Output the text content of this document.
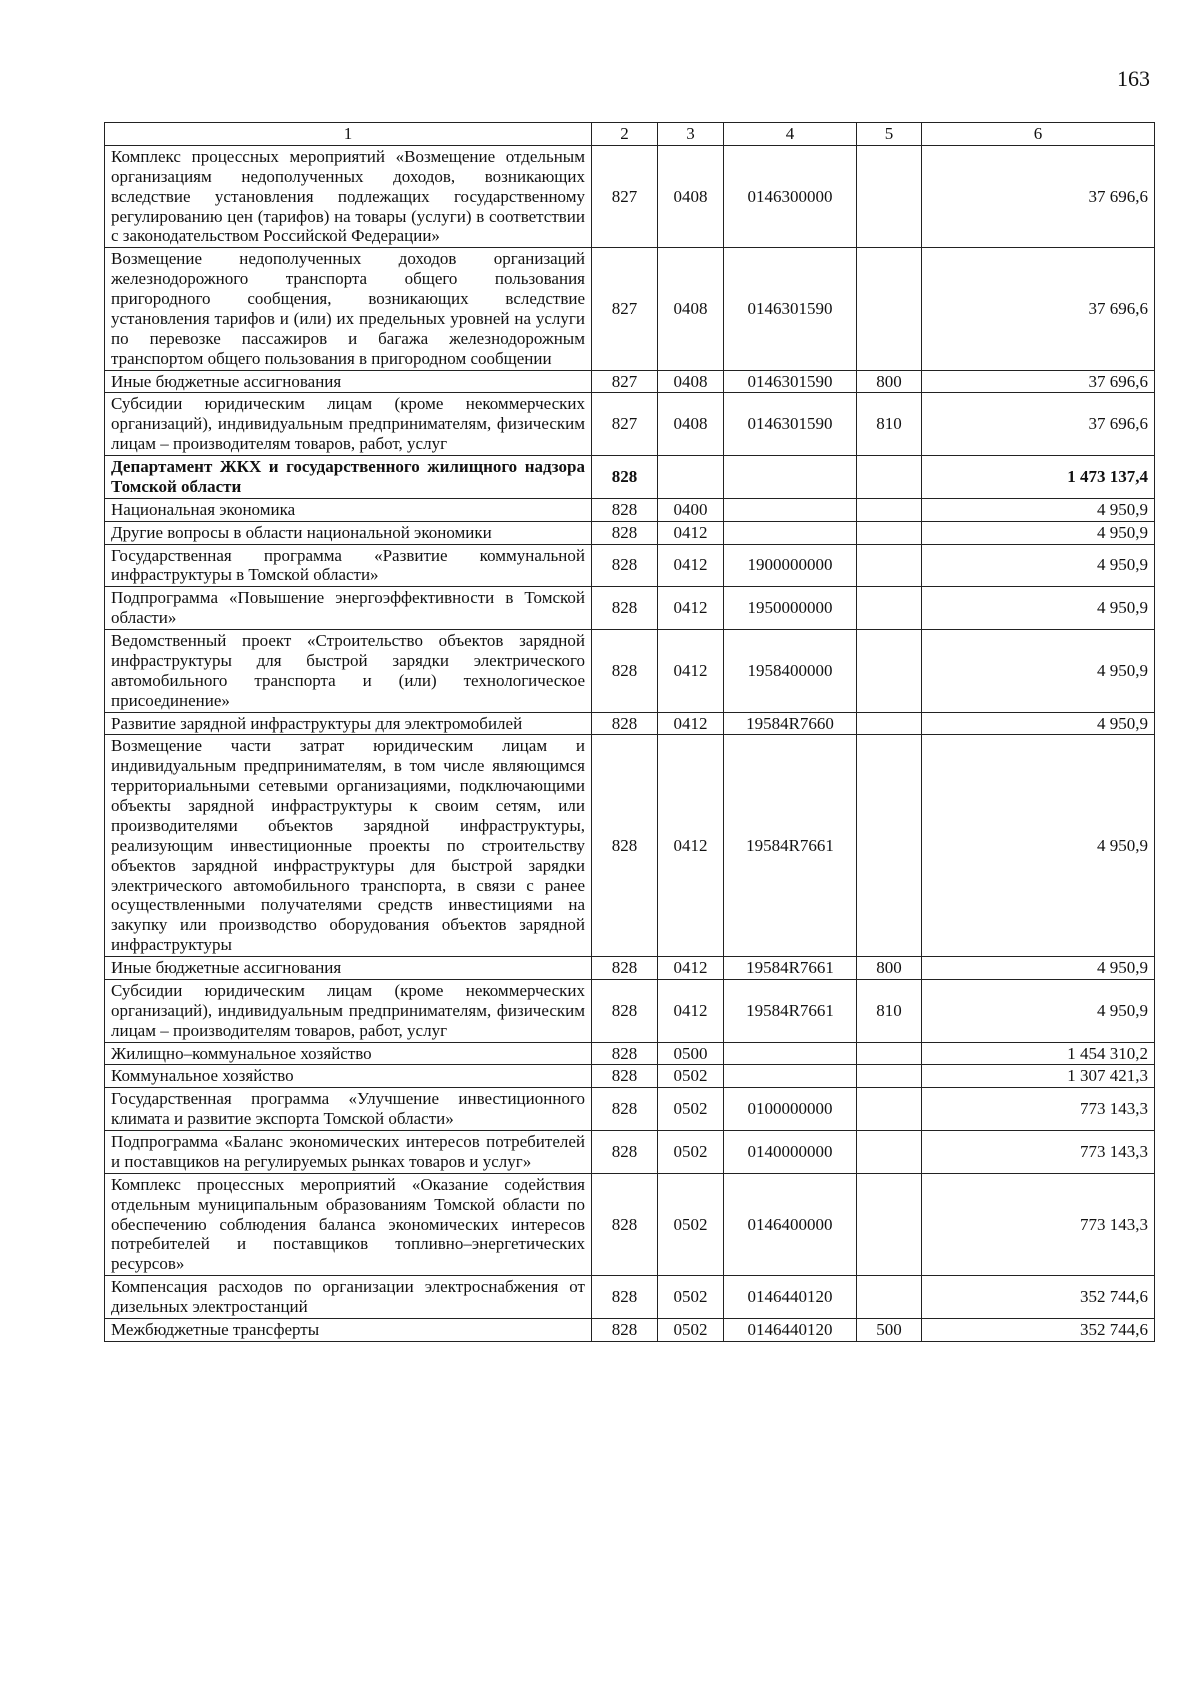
163
1	2	3	4	5	6
Комплекс процессных мероприятий «Возмещение отдельным организациям недополученных доходов, возникающих вследствие установления подлежащих государственному регулированию цен (тарифов) на товары (услуги) в соответствии с законодательством Российской Федерации»	827	0408	0146300000		37 696,6
Возмещение недополученных доходов организаций железнодорожного транспорта общего пользования пригородного сообщения, возникающих вследствие установления тарифов и (или) их предельных уровней на услуги по перевозке пассажиров и багажа железнодорожным транспортом общего пользования в пригородном сообщении	827	0408	0146301590		37 696,6
Иные бюджетные ассигнования	827	0408	0146301590	800	37 696,6
Субсидии юридическим лицам (кроме некоммерческих организаций), индивидуальным предпринимателям, физическим лицам – производителям товаров, работ, услуг	827	0408	0146301590	810	37 696,6
Департамент ЖКХ и государственного жилищного надзора Томской области	828				1 473 137,4
Национальная экономика	828	0400			4 950,9
Другие вопросы в области национальной экономики	828	0412			4 950,9
Государственная программа «Развитие коммунальной инфраструктуры в Томской области»	828	0412	1900000000		4 950,9
Подпрограмма «Повышение энергоэффективности в Томской области»	828	0412	1950000000		4 950,9
Ведомственный проект «Строительство объектов зарядной инфраструктуры для быстрой зарядки электрического автомобильного транспорта и (или) технологическое присоединение»	828	0412	1958400000		4 950,9
Развитие зарядной инфраструктуры для электромобилей	828	0412	19584R7660		4 950,9
Возмещение части затрат юридическим лицам и индивидуальным предпринимателям, в том числе являющимся территориальными сетевыми организациями, подключающими объекты зарядной инфраструктуры к своим сетям, или производителями объектов зарядной инфраструктуры, реализующим инвестиционные проекты по строительству объектов зарядной инфраструктуры для быстрой зарядки электрического автомобильного транспорта, в связи с ранее осуществленными получателями средств инвестициями на закупку или производство оборудования объектов зарядной инфраструктуры	828	0412	19584R7661		4 950,9
Иные бюджетные ассигнования	828	0412	19584R7661	800	4 950,9
Субсидии юридическим лицам (кроме некоммерческих организаций), индивидуальным предпринимателям, физическим лицам – производителям товаров, работ, услуг	828	0412	19584R7661	810	4 950,9
Жилищно–коммунальное хозяйство	828	0500			1 454 310,2
Коммунальное хозяйство	828	0502			1 307 421,3
Государственная программа «Улучшение инвестиционного климата и развитие экспорта Томской области»	828	0502	0100000000		773 143,3
Подпрограмма «Баланс экономических интересов потребителей и поставщиков на регулируемых рынках товаров и услуг»	828	0502	0140000000		773 143,3
Комплекс процессных мероприятий «Оказание содействия отдельным муниципальным образованиям Томской области по обеспечению соблюдения баланса экономических интересов потребителей и поставщиков топливно–энергетических ресурсов»	828	0502	0146400000		773 143,3
Компенсация расходов по организации электроснабжения от дизельных электростанций	828	0502	0146440120		352 744,6
Межбюджетные трансферты	828	0502	0146440120	500	352 744,6
